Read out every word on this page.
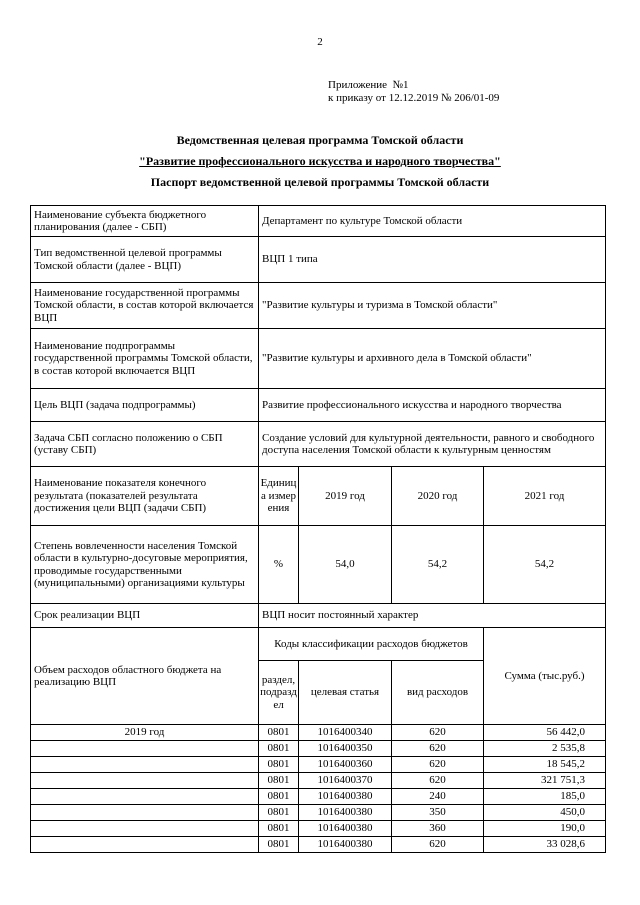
2
Приложение  №1
к приказу от 12.12.2019 № 206/01-09
Ведомственная целевая программа Томской области
"Развитие профессионального искусства и народного творчества"
Паспорт ведомственной целевой программы Томской области
Наименование субъекта бюджетного планирования (далее - СБП)	Департамент по культуре Томской области			
Тип ведомственной целевой программы Томской области (далее - ВЦП)	ВЦП 1 типа			
Наименование государственной программы Томской области, в состав которой включается ВЦП	"Развитие культуры и туризма в Томской области"			
Наименование подпрограммы государственной программы Томской области, в состав которой включается ВЦП	"Развитие культуры и архивного дела в Томской области"			
Цель ВЦП (задача подпрограммы)	Развитие профессионального искусства и народного творчества			
Задача СБП согласно положению о СБП (уставу СБП)	Создание условий для культурной деятельности, равного и свободного доступа населения Томской области к культурным ценностям			
Наименование показателя конечного результата (показателей результата достижения цели ВЦП (задачи СБП)	Единица измерения	2019 год	2020 год	2021 год
Степень вовлеченности населения Томской области в культурно-досуговые мероприятия, проводимые государственными (муниципальными) организациями культуры	%	54,0	54,2	54,2
Срок реализации ВЦП	ВЦП носит постоянный характер			
Объем расходов областного бюджета на реализацию ВЦП	Коды классификации расходов бюджетов			Сумма (тыс.руб.)
	раздел, подраздел	целевая статья	вид расходов	
2019 год	0801	1016400340	620	56 442,0
	0801	1016400350	620	2 535,8
	0801	1016400360	620	18 545,2
	0801	1016400370	620	321 751,3
	0801	1016400380	240	185,0
	0801	1016400380	350	450,0
	0801	1016400380	360	190,0
	0801	1016400380	620	33 028,6
